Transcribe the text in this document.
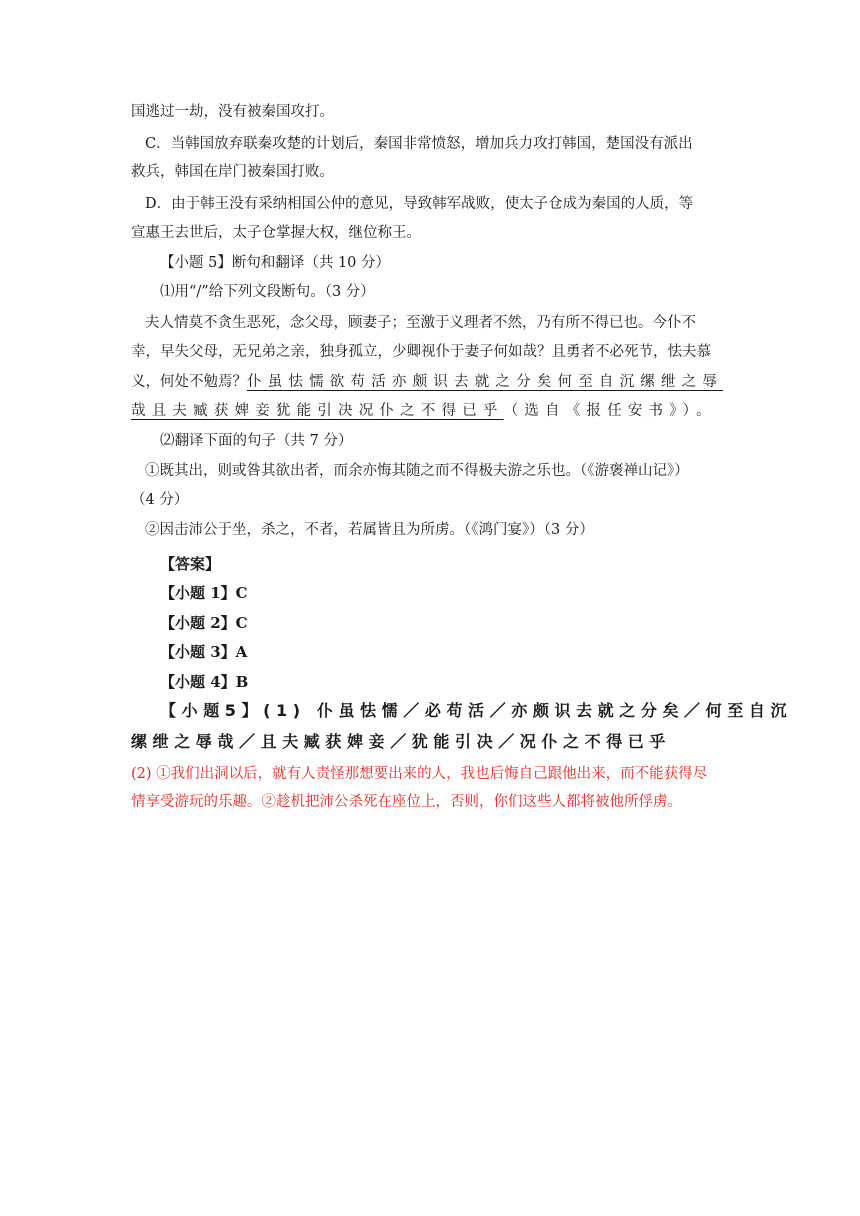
国逃过一劫，没有被秦国攻打。
C．当韩国放弃联秦攻楚的计划后，秦国非常愤怒，增加兵力攻打韩国，楚国没有派出
救兵，韩国在岸门被秦国打败。
D．由于韩王没有采纳相国公仲的意见，导致韩军战败，使太子仓成为秦国的人质，等
宣惠王去世后，太子仓掌握大权，继位称王。
【小题 5】断句和翻译（共 10 分）
⑴用“/”给下列文段断句。（3 分）
夫人情莫不贪生恶死，念父母，顾妻子；至激于义理者不然，乃有所不得已也。今仆不
幸，早失父母，无兄弟之亲，独身孤立，少卿视仆于妻子何如哉？且勇者不必死节，怯夫慕
义，何处不勉焉？仆虽怯懦欲苟活亦颇识去就之分矣何至自沉缧绁之辱
哉且夫臧获婢妾犹能引决况仆之不得已乎（选自《报任安书》）。
⑵翻译下面的句子（共 7 分）
①既其出，则或咎其欲出者，而余亦悔其随之而不得极夫游之乐也。（《游褒禅山记》）
（4 分）
②因击沛公于坐，杀之，不者，若属皆且为所虏。（《鸿门宴》）（3 分）
【答案】
【小题 1】C
【小题 2】C
【小题 3】A
【小题 4】B
【小题5】(1) 仆虽怯懦／必苟活／亦颇识去就之分矣／何至自沉
缧绁之辱哉／且夫臧获婢妾／犹能引决／况仆之不得已乎
(2) ①我们出洞以后，就有人责怪那想要出来的人，我也后悔自己跟他出来，而不能获得尽
情享受游玩的乐趣。②趁机把沛公杀死在座位上，否则，你们这些人都将被他所俘虏。
